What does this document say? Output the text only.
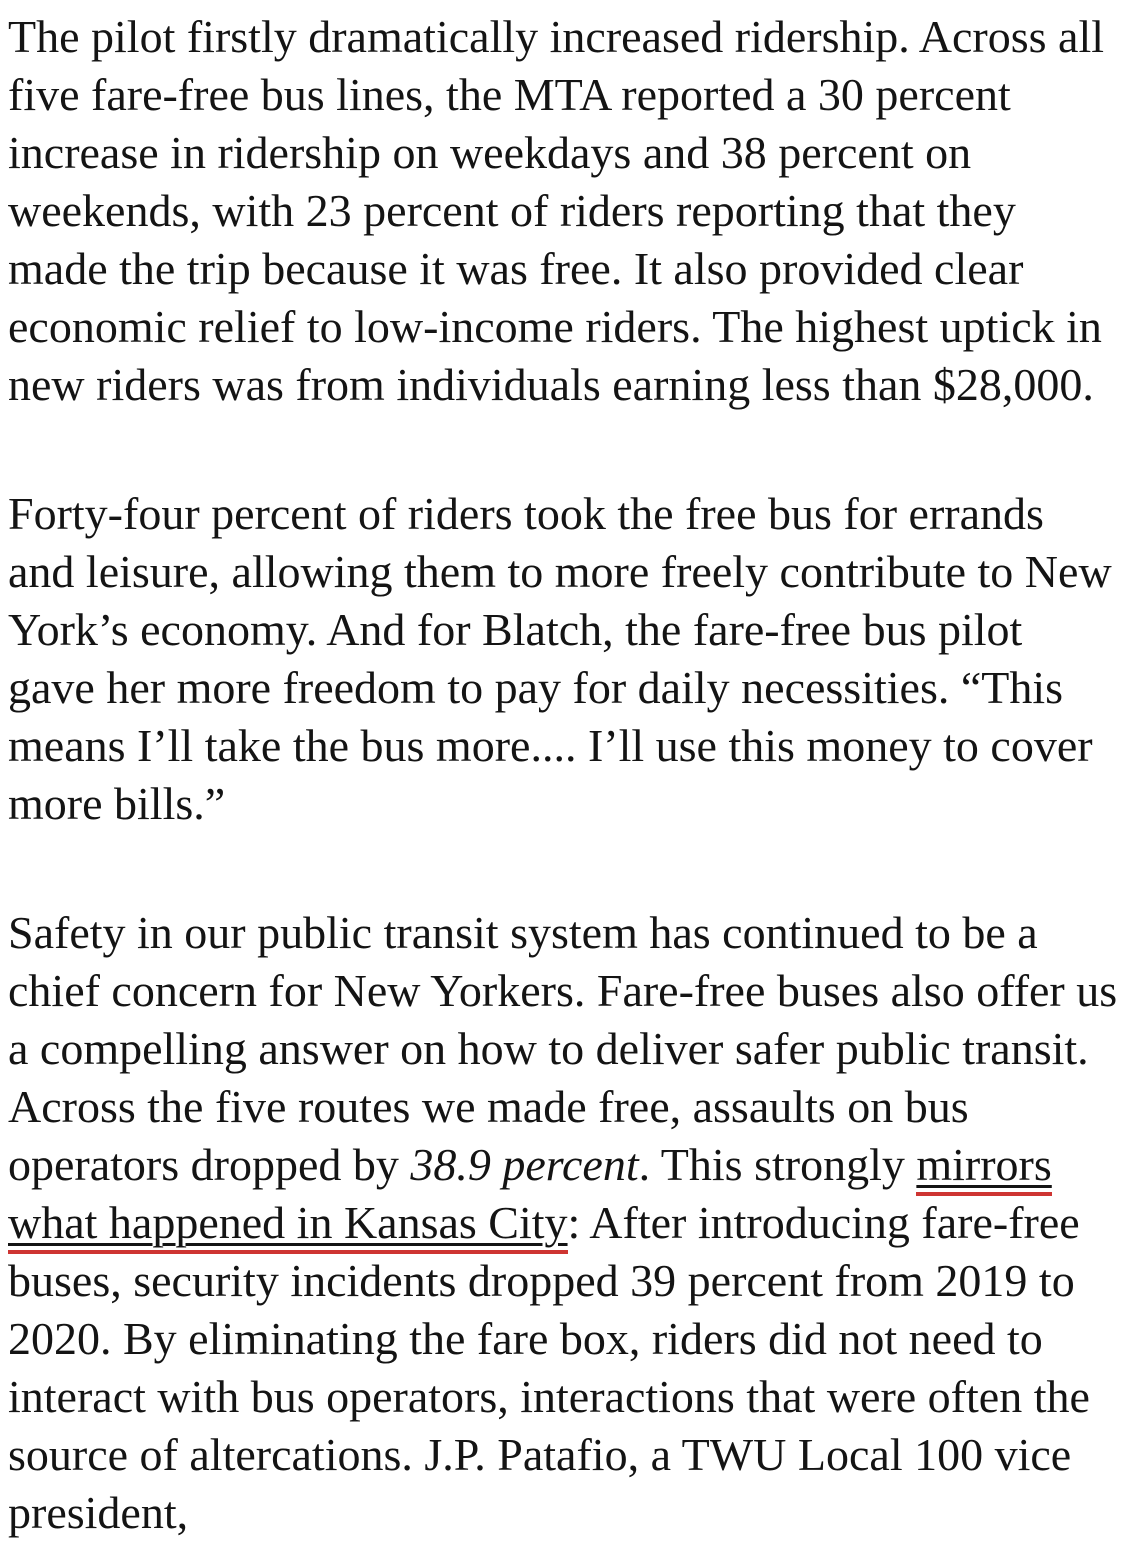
The pilot firstly dramatically increased ridership. Across all five fare-free bus lines, the MTA reported a 30 percent increase in ridership on weekdays and 38 percent on weekends, with 23 percent of riders reporting that they made the trip because it was free. It also provided clear economic relief to low-income riders. The highest uptick in new riders was from individuals earning less than $28,000.

Forty-four percent of riders took the free bus for errands and leisure, allowing them to more freely contribute to New York’s economy. And for Blatch, the fare-free bus pilot gave her more freedom to pay for daily necessities. “This means I’ll take the bus more.... I’ll use this money to cover more bills.”

Safety in our public transit system has continued to be a chief concern for New Yorkers. Fare-free buses also offer us a compelling answer on how to deliver safer public transit. Across the five routes we made free, assaults on bus operators dropped by 38.9 percent. This strongly mirrors what happened in Kansas City: After introducing fare-free buses, security incidents dropped 39 percent from 2019 to 2020. By eliminating the fare box, riders did not need to interact with bus operators, interactions that were often the source of altercations. J.P. Patafio, a TWU Local 100 vice president,
